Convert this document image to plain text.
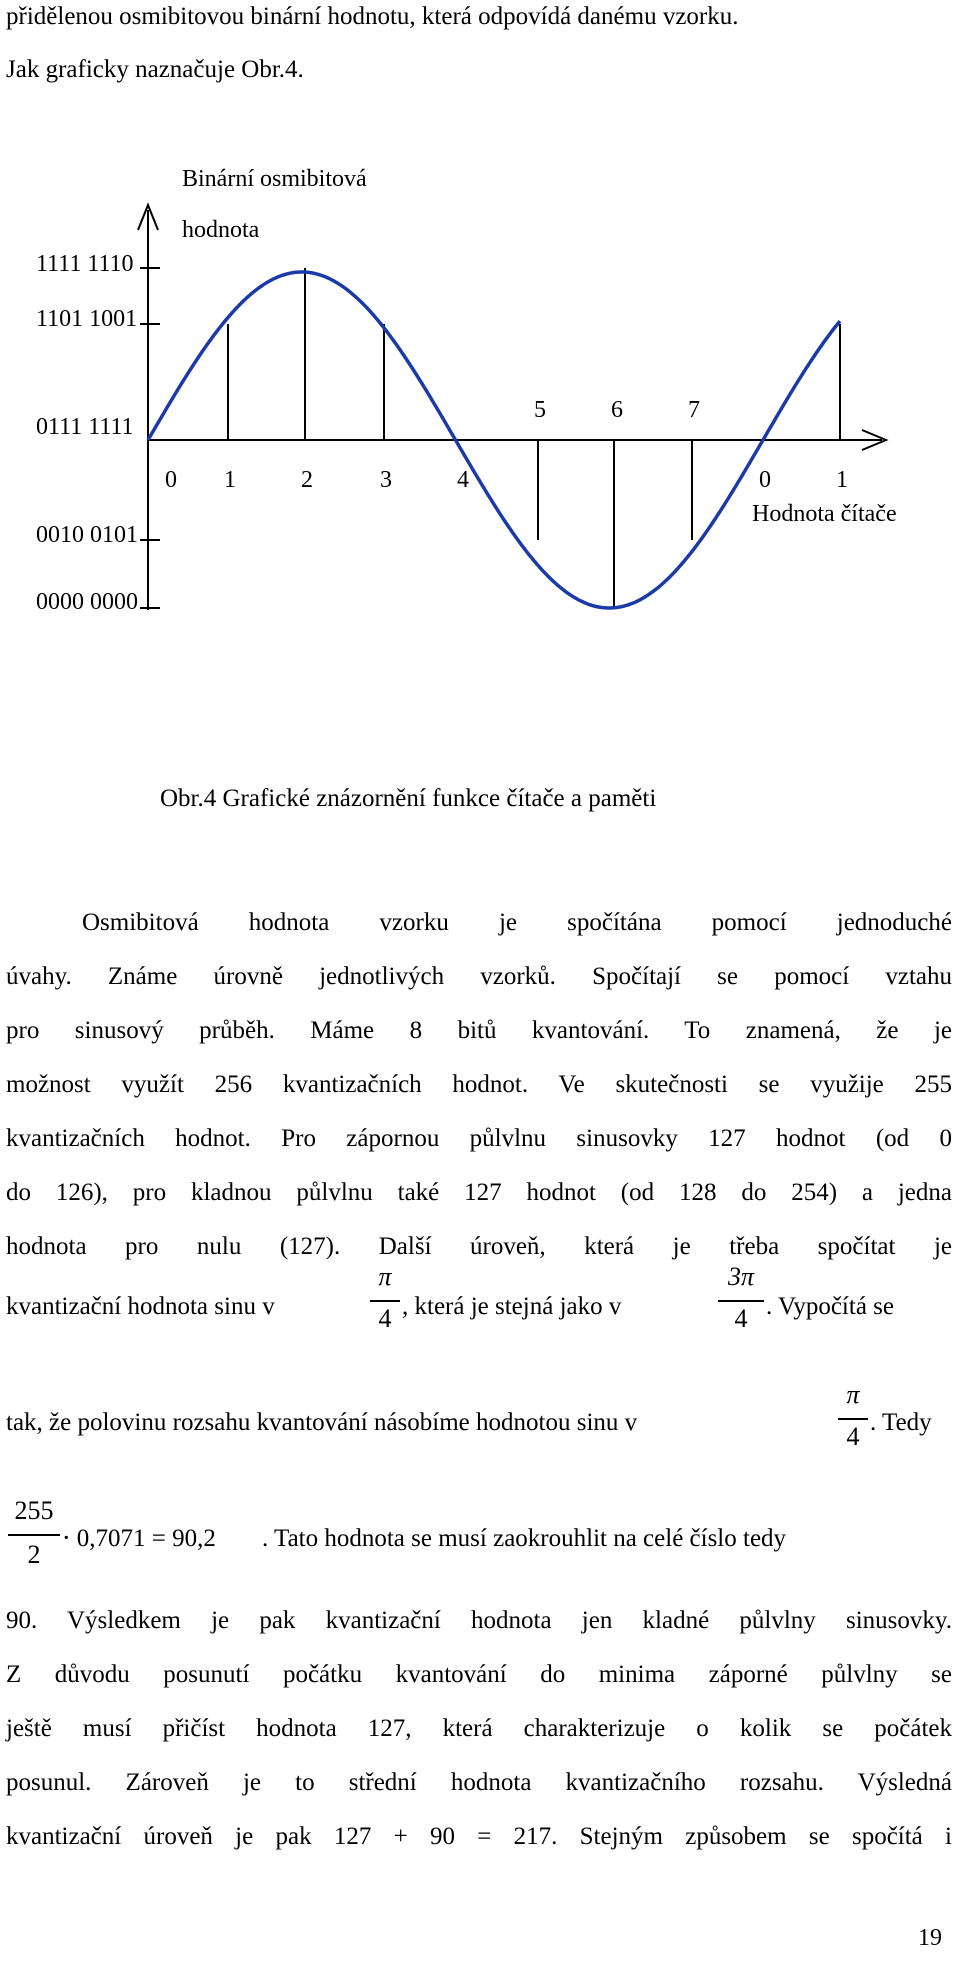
přidělenou osmibitovou binární hodnotu, která odpovídá danému vzorku.
Jak graficky naznačuje Obr.4.
Binární osmibitová
hodnota
1111 1110
1101 1001
0111 1111
0010 0101
0000 0000
0 1	2	3	4	0	1
5	6	7
Hodnota čítače
Obr.4 Grafické znázornění funkce čítače a paměti
Osmibitová hodnota vzorku je spočítána pomocí jednoduché
úvahy. Známe úrovně jednotlivých vzorků. Spočítají se pomocí vztahu
pro sinusový průběh. Máme 8 bitů kvantování. To znamená, že je
možnost využít 256 kvantizačních hodnot. Ve skutečnosti se využije 255
kvantizačních hodnot. Pro zápornou půlvlnu sinusovky 127 hodnot (od 0
do 126), pro kladnou půlvlnu také 127 hodnot (od 128 do 254) a jedna
hodnota pro nulu (127). Další úroveň, která je třeba spočítat je
kvantizační hodnota sinu v
π
4 , která je stejná jako v
3π
4 . Vypočítá se
tak, že polovinu rozsahu kvantování násobíme hodnotou sinu v
π
4 . Tedy
255
2
⋅ 0,7071 = 90,2 . Tato hodnota se musí zaokrouhlit na celé číslo tedy
90. Výsledkem je pak kvantizační hodnota jen kladné půlvlny sinusovky.
Z důvodu posunutí počátku kvantování do minima záporné půlvlny se
ještě musí přičíst hodnota 127, která charakterizuje o kolik se počátek
posunul. Zároveň je to střední hodnota kvantizačního rozsahu. Výsledná
kvantizační úroveň je pak 127 + 90 = 217. Stejným způsobem se spočítá i
19
